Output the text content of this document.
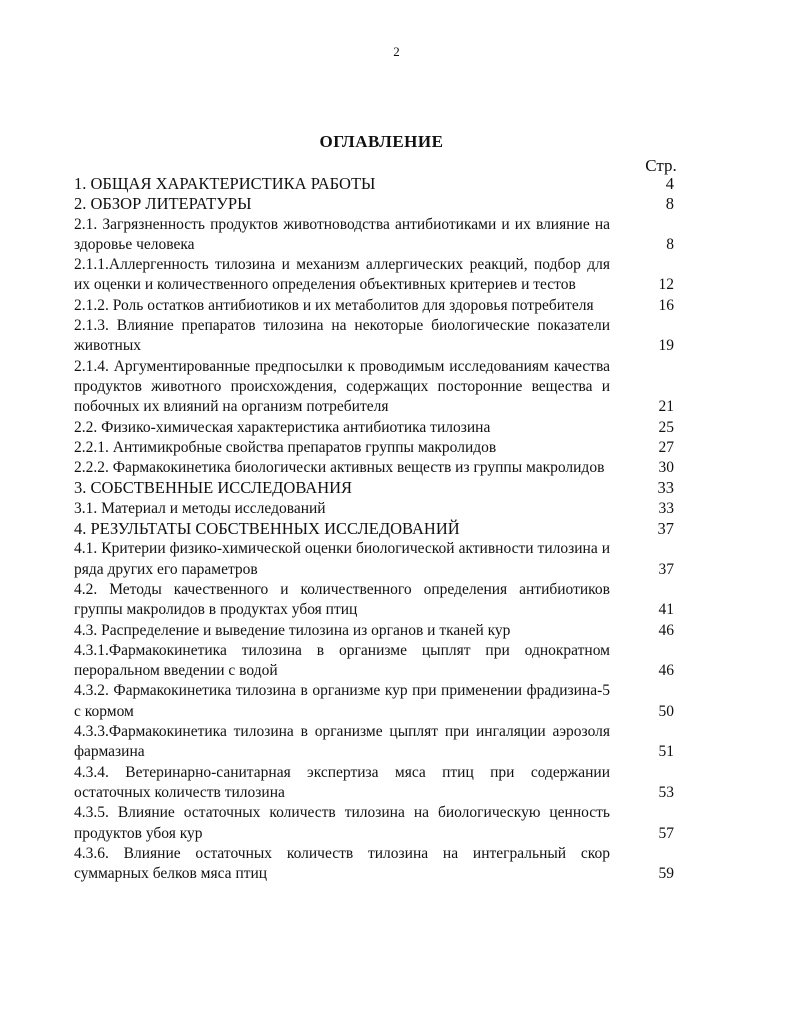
2
ОГЛАВЛЕНИЕ
Стр.
1. ОБЩАЯ ХАРАКТЕРИСТИКА РАБОТЫ	4
2. ОБЗОР ЛИТЕРАТУРЫ	8
2.1. Загрязненность продуктов животноводства антибиотиками и их влияние на здоровье человека	8
2.1.1.Аллергенность тилозина и механизм аллергических реакций, подбор для их оценки и количественного определения объективных критериев и тестов	12
2.1.2. Роль остатков антибиотиков и их метаболитов для здоровья потребителя	16
2.1.3. Влияние препаратов тилозина на некоторые биологические показатели животных	19
2.1.4. Аргументированные предпосылки к проводимым исследованиям качества продуктов животного происхождения, содержащих посторонние вещества и побочных их влияний на организм потребителя	21
2.2. Физико-химическая характеристика антибиотика тилозина	25
2.2.1. Антимикробные свойства препаратов группы макролидов	27
2.2.2. Фармакокинетика биологически активных веществ из группы макролидов	30
3. СОБСТВЕННЫЕ ИССЛЕДОВАНИЯ	33
3.1. Материал и методы исследований	33
4. РЕЗУЛЬТАТЫ СОБСТВЕННЫХ ИССЛЕДОВАНИЙ	37
4.1. Критерии физико-химической оценки биологической активности тилозина и ряда других его параметров	37
4.2. Методы качественного и количественного определения антибиотиков группы макролидов в продуктах убоя птиц	41
4.3. Распределение и выведение тилозина из органов и тканей кур	46
4.3.1.Фармакокинетика тилозина в организме цыплят при однократном пероральном введении с водой	46
4.3.2. Фармакокинетика тилозина в организме кур при применении фрадизина-5 с кормом	50
4.3.3.Фармакокинетика тилозина в организме цыплят при ингаляции аэрозоля фармазина	51
4.3.4. Ветеринарно-санитарная экспертиза мяса птиц при содержании остаточных количеств тилозина	53
4.3.5. Влияние остаточных количеств тилозина на биологическую ценность продуктов убоя кур	57
4.3.6. Влияние остаточных количеств тилозина на интегральный скор суммарных белков мяса птиц	59
